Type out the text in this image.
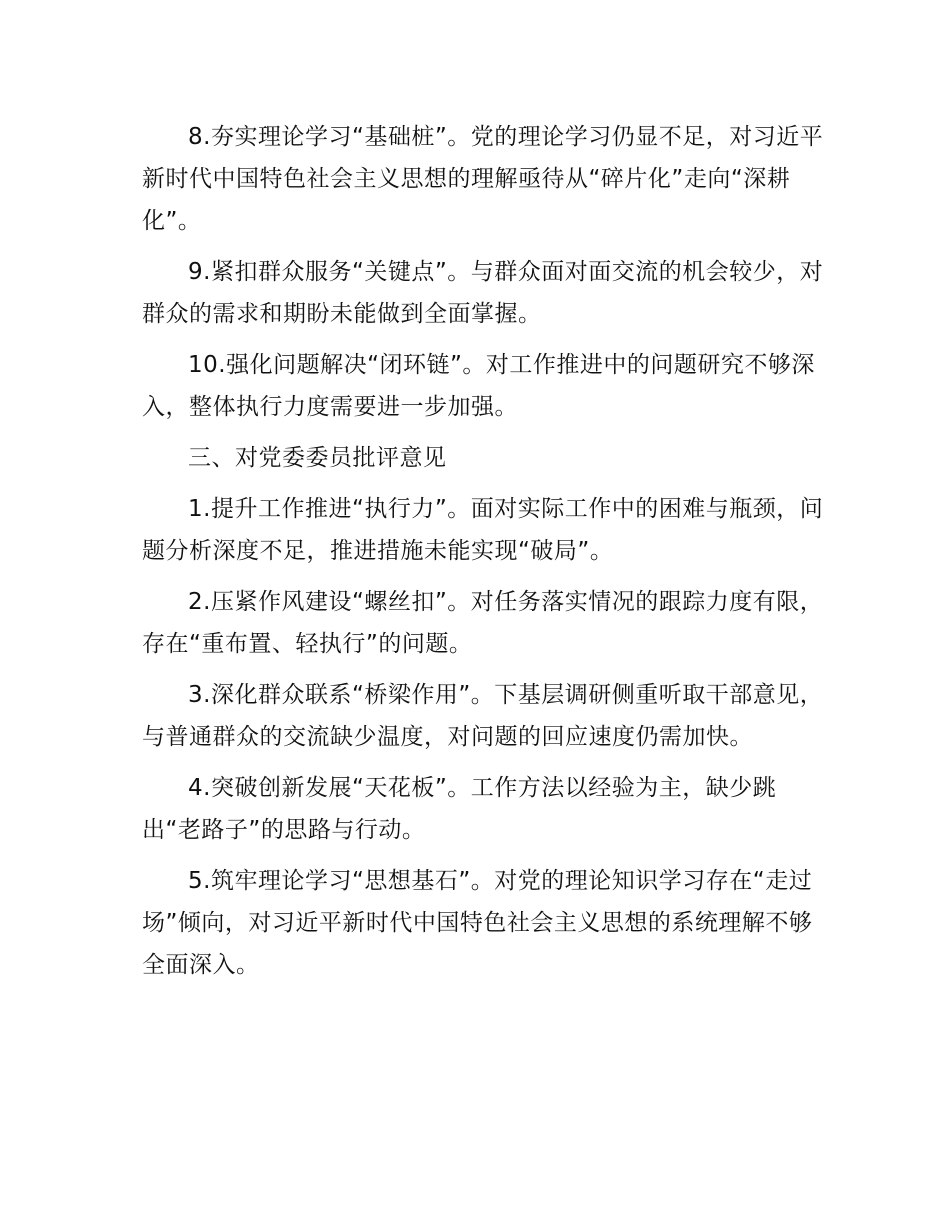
8.夯实理论学习“基础桩”。党的理论学习仍显不足，对习近平新时代中国特色社会主义思想的理解亟待从“碎片化”走向“深耕化”。

9.紧扣群众服务“关键点”。与群众面对面交流的机会较少，对群众的需求和期盼未能做到全面掌握。

10.强化问题解决“闭环链”。对工作推进中的问题研究不够深入，整体执行力度需要进一步加强。

三、对党委委员批评意见

1.提升工作推进“执行力”。面对实际工作中的困难与瓶颈，问题分析深度不足，推进措施未能实现“破局”。

2.压紧作风建设“螺丝扣”。对任务落实情况的跟踪力度有限，存在“重布置、轻执行”的问题。

3.深化群众联系“桥梁作用”。下基层调研侧重听取干部意见，与普通群众的交流缺少温度，对问题的回应速度仍需加快。

4.突破创新发展“天花板”。工作方法以经验为主，缺少跳出“老路子”的思路与行动。

5.筑牢理论学习“思想基石”。对党的理论知识学习存在“走过场”倾向，对习近平新时代中国特色社会主义思想的系统理解不够全面深入。
